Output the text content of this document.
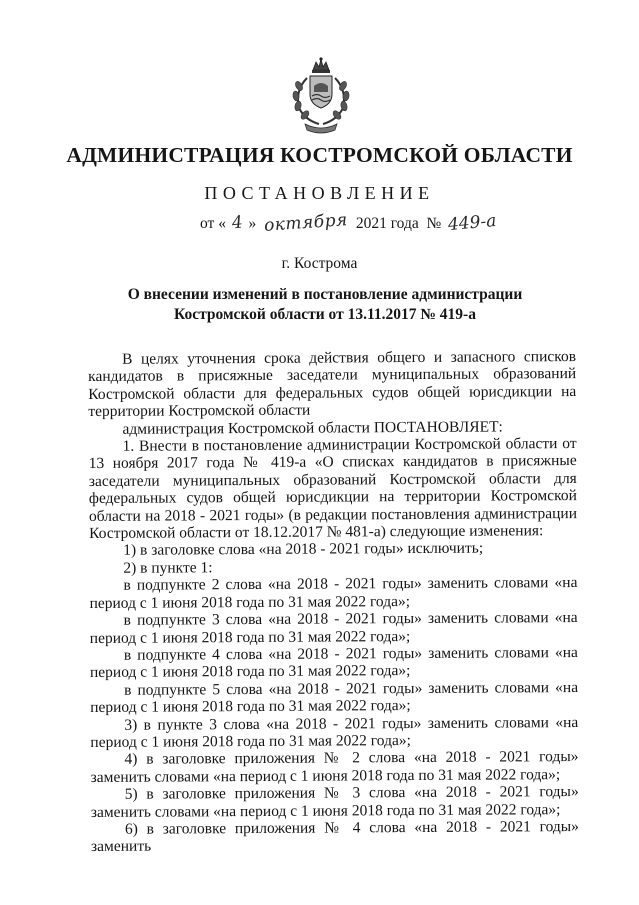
АДМИНИСТРАЦИЯ КОСТРОМСКОЙ ОБЛАСТИ
ПОСТАНОВЛЕНИЕ
от « 4 » октября 2021 года № 449-а
г. Кострома
О внесении изменений в постановление администрации
Костромской области от 13.11.2017 № 419-а

В целях уточнения срока действия общего и запасного списков кандидатов в присяжные заседатели муниципальных образований Костромской области для федеральных судов общей юрисдикции на территории Костромской области

администрация Костромской области ПОСТАНОВЛЯЕТ:

1. Внести в постановление администрации Костромской области от 13 ноября 2017 года № 419-а «О списках кандидатов в присяжные заседатели муниципальных образований Костромской области для федеральных судов общей юрисдикции на территории Костромской области на 2018 - 2021 годы» (в редакции постановления администрации Костромской области от 18.12.2017 № 481-а) следующие изменения:

1) в заголовке слова «на 2018 - 2021 годы» исключить;

2) в пункте 1:

в подпункте 2 слова «на 2018 - 2021 годы» заменить словами «на период с 1 июня 2018 года по 31 мая 2022 года»;

в подпункте 3 слова «на 2018 - 2021 годы» заменить словами «на период с 1 июня 2018 года по 31 мая 2022 года»;

в подпункте 4 слова «на 2018 - 2021 годы» заменить словами «на период с 1 июня 2018 года по 31 мая 2022 года»;

в подпункте 5 слова «на 2018 - 2021 годы» заменить словами «на период с 1 июня 2018 года по 31 мая 2022 года»;

3) в пункте 3 слова «на 2018 - 2021 годы» заменить словами «на период с 1 июня 2018 года по 31 мая 2022 года»;

4) в заголовке приложения № 2 слова «на 2018 - 2021 годы» заменить словами «на период с 1 июня 2018 года по 31 мая 2022 года»;

5) в заголовке приложения № 3 слова «на 2018 - 2021 годы» заменить словами «на период с 1 июня 2018 года по 31 мая 2022 года»;

6) в заголовке приложения № 4 слова «на 2018 - 2021 годы» заменить
